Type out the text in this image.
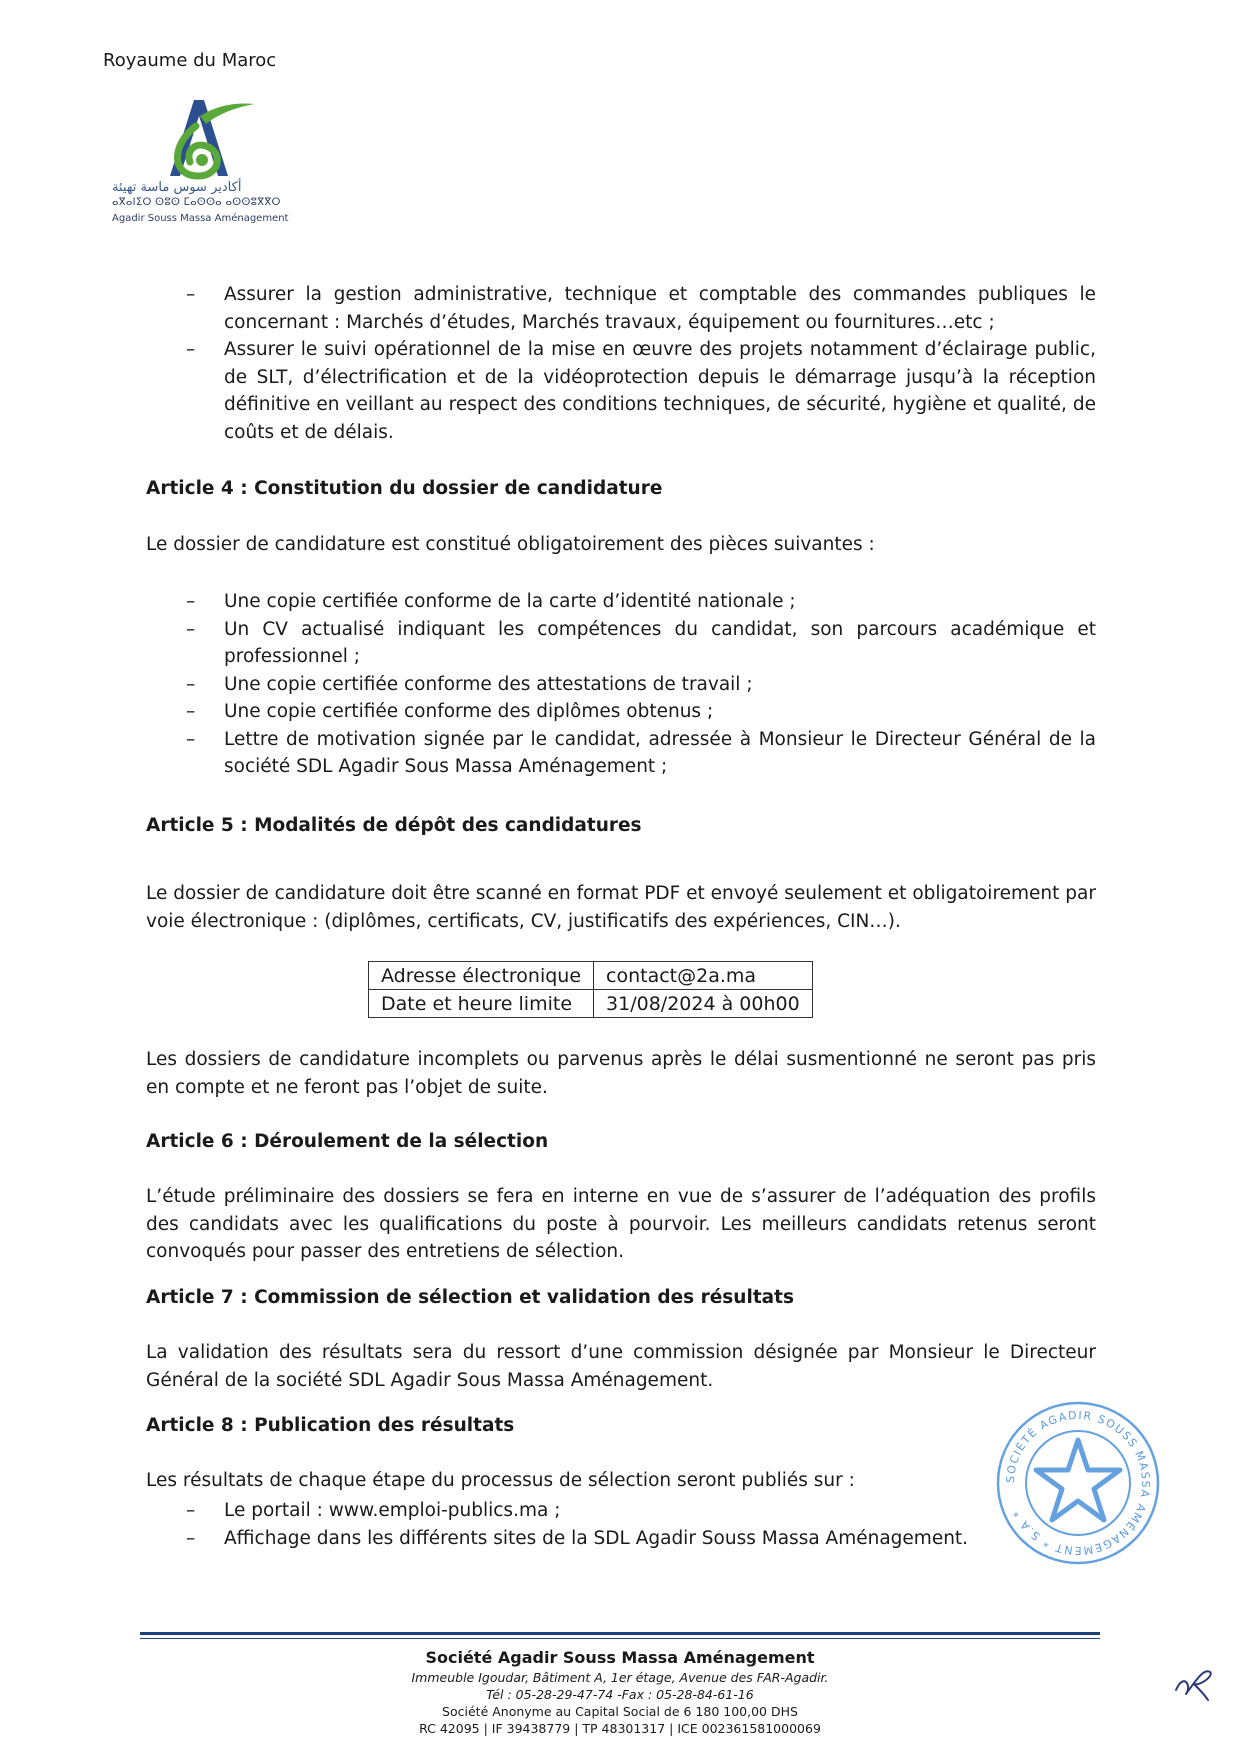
Royaume du Maroc
أكادير سوس ماسة تهيئة
ⴰⴳⴰⵏⵉⵔ ⵙⵓⵙ ⵎⴰⵙⵙⴰ ⴰⵙⵙⵓⴳⴳⵔ
Agadir Souss Massa Aménagement
– Assurer la gestion administrative, technique et comptable des commandes publiques le concernant : Marchés d’études, Marchés travaux, équipement ou fournitures…etc ;
– Assurer le suivi opérationnel de la mise en œuvre des projets notamment d’éclairage public, de SLT, d’électrification et de la vidéoprotection depuis le démarrage jusqu’à la réception définitive en veillant au respect des conditions techniques, de sécurité, hygiène et qualité, de coûts et de délais.
Article 4 : Constitution du dossier de candidature
Le dossier de candidature est constitué obligatoirement des pièces suivantes :
– Une copie certifiée conforme de la carte d’identité nationale ;
– Un CV actualisé indiquant les compétences du candidat, son parcours académique et professionnel ;
– Une copie certifiée conforme des attestations de travail ;
– Une copie certifiée conforme des diplômes obtenus ;
– Lettre de motivation signée par le candidat, adressée à Monsieur le Directeur Général de la société SDL Agadir Sous Massa Aménagement ;
Article 5 : Modalités de dépôt des candidatures
Le dossier de candidature doit être scanné en format PDF et envoyé seulement et obligatoirement par voie électronique : (diplômes, certificats, CV, justificatifs des expériences, CIN…).
Adresse électronique	contact@2a.ma
Date et heure limite	31/08/2024 à 00h00
Les dossiers de candidature incomplets ou parvenus après le délai susmentionné ne seront pas pris en compte et ne feront pas l’objet de suite.
Article 6 : Déroulement de la sélection
L’étude préliminaire des dossiers se fera en interne en vue de s’assurer de l’adéquation des profils des candidats avec les qualifications du poste à pourvoir. Les meilleurs candidats retenus seront convoqués pour passer des entretiens de sélection.
Article 7 : Commission de sélection et validation des résultats
La validation des résultats sera du ressort d’une commission désignée par Monsieur le Directeur Général de la société SDL Agadir Sous Massa Aménagement.
Article 8 : Publication des résultats
Les résultats de chaque étape du processus de sélection seront publiés sur :
– Le portail : www.emploi-publics.ma ;
– Affichage dans les différents sites de la SDL Agadir Souss Massa Aménagement.
SOCIÉTÉ AGADIR SOUSS MASSA AMÉNAGEMENT * S.A *
Société Agadir Souss Massa Aménagement
Immeuble Igoudar, Bâtiment A, 1er étage, Avenue des FAR-Agadir.
Tél : 05-28-29-47-74 -Fax : 05-28-84-61-16
Société Anonyme au Capital Social de 6 180 100,00 DHS
RC 42095 | IF 39438779 | TP 48301317 | ICE 002361581000069
